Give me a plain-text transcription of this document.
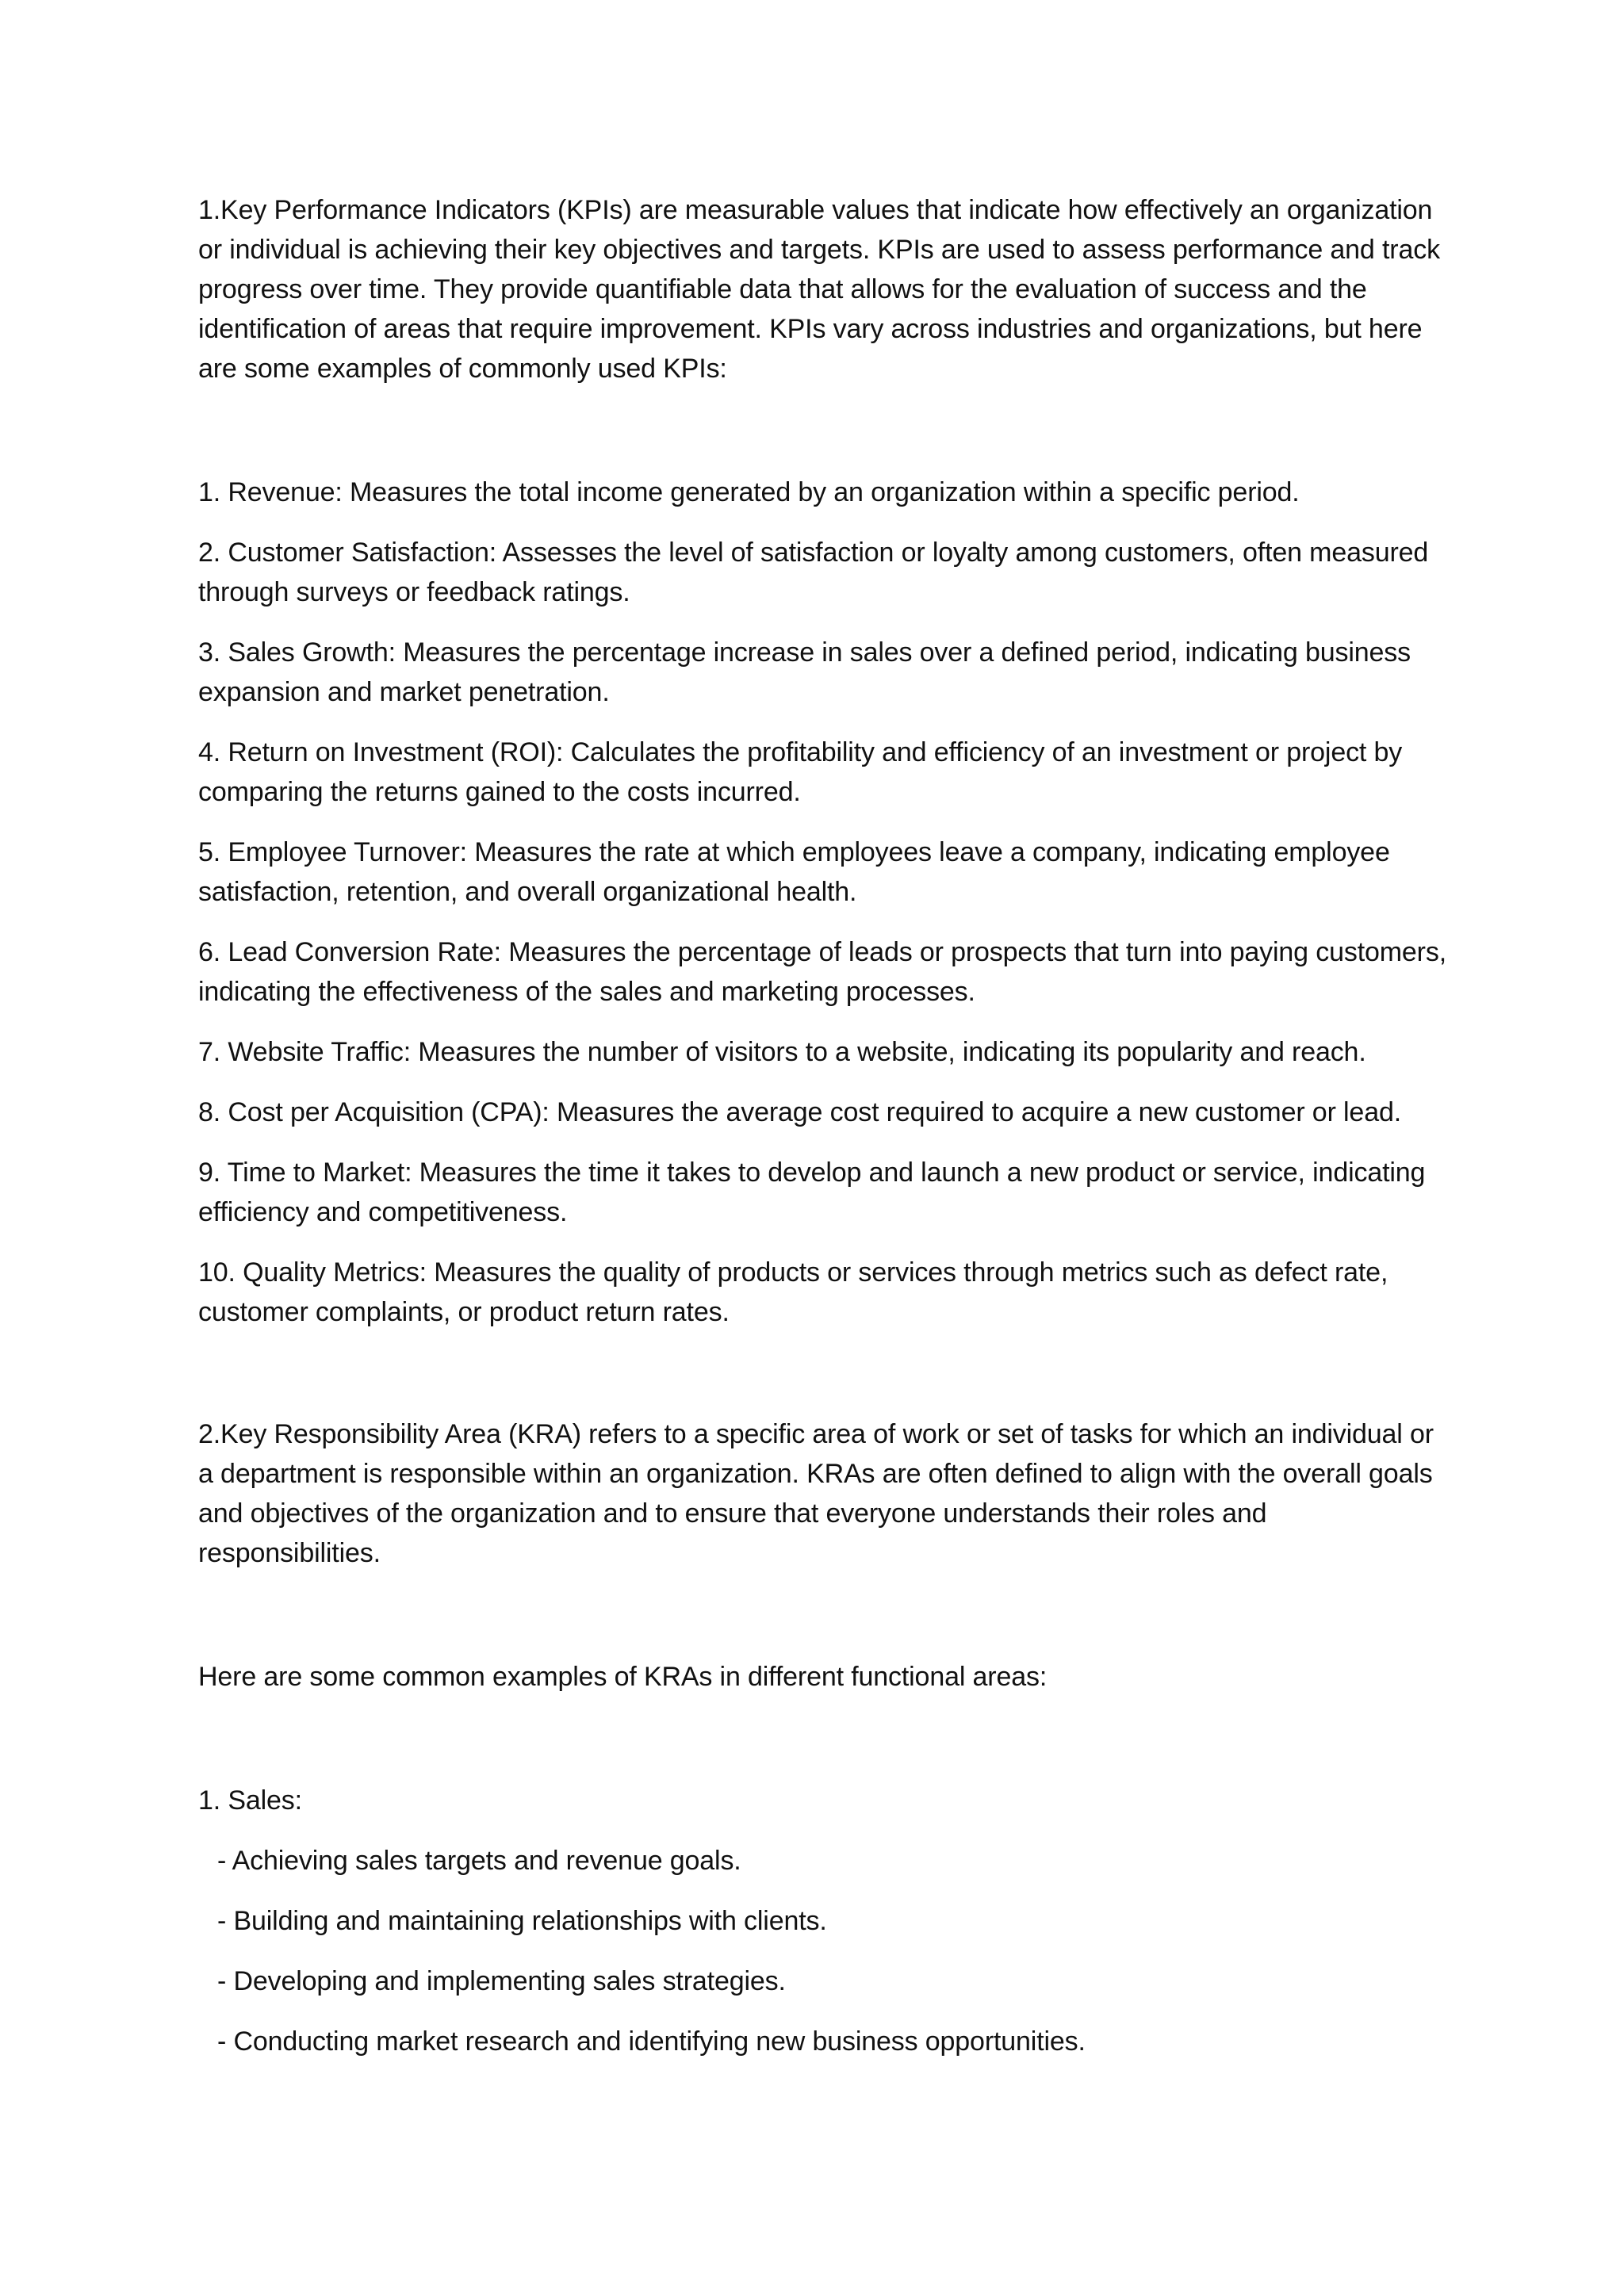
1.Key Performance Indicators (KPIs) are measurable values that indicate how effectively an organization or individual is achieving their key objectives and targets. KPIs are used to assess performance and track progress over time. They provide quantifiable data that allows for the evaluation of success and the identification of areas that require improvement. KPIs vary across industries and organizations, but here are some examples of commonly used KPIs:

1. Revenue: Measures the total income generated by an organization within a specific period.

2. Customer Satisfaction: Assesses the level of satisfaction or loyalty among customers, often measured through surveys or feedback ratings.

3. Sales Growth: Measures the percentage increase in sales over a defined period, indicating business expansion and market penetration.

4. Return on Investment (ROI): Calculates the profitability and efficiency of an investment or project by comparing the returns gained to the costs incurred.

5. Employee Turnover: Measures the rate at which employees leave a company, indicating employee satisfaction, retention, and overall organizational health.

6. Lead Conversion Rate: Measures the percentage of leads or prospects that turn into paying customers, indicating the effectiveness of the sales and marketing processes.

7. Website Traffic: Measures the number of visitors to a website, indicating its popularity and reach.

8. Cost per Acquisition (CPA): Measures the average cost required to acquire a new customer or lead.

9. Time to Market: Measures the time it takes to develop and launch a new product or service, indicating efficiency and competitiveness.

10. Quality Metrics: Measures the quality of products or services through metrics such as defect rate, customer complaints, or product return rates.

2.Key Responsibility Area (KRA) refers to a specific area of work or set of tasks for which an individual or a department is responsible within an organization. KRAs are often defined to align with the overall goals and objectives of the organization and to ensure that everyone understands their roles and responsibilities.

Here are some common examples of KRAs in different functional areas:

1. Sales:

- Achieving sales targets and revenue goals.

- Building and maintaining relationships with clients.

- Developing and implementing sales strategies.

- Conducting market research and identifying new business opportunities.
